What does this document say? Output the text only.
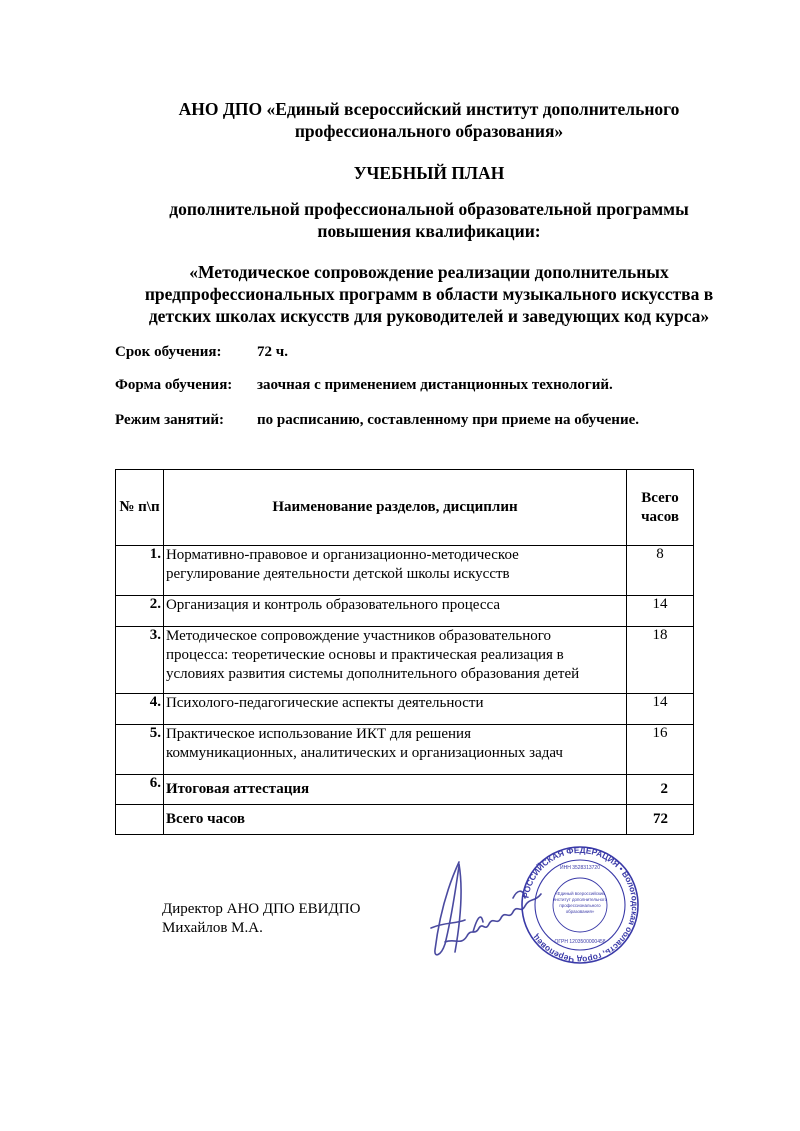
АНО ДПО «Единый всероссийский институт дополнительного
профессионального образования»
УЧЕБНЫЙ ПЛАН
дополнительной профессиональной образовательной программы
повышения квалификации:
«Методическое сопровождение реализации дополнительных
предпрофессиональных программ в области музыкального искусства в
детских школах искусств для руководителей и заведующих код курса»
Срок обучения: 72 ч.
Форма обучения: заочная с применением дистанционных технологий.
Режим занятий: по расписанию, составленному при приеме на обучение.
№ п\п	Наименование разделов, дисциплин	Всего
часов

1.	Нормативно-правовое и организационно-методическое
регулирование деятельности детской школы искусств	8
2.	Организация и контроль образовательного процесса	14
3.	Методическое сопровождение участников образовательного
процесса: теоретические основы и практическая реализация в
условиях развития системы дополнительного образования детей	18
4.	Психолого-педагогические аспекты деятельности	14
5.	Практическое использование ИКТ для решения
коммуникационных, аналитических и организационных задач	16
6.	Итоговая аттестация	2
	Всего часов	72
Директор АНО ДПО ЕВИДПО
Михайлов М.А.
РОССИЙСКАЯ ФЕДЕРАЦИЯ • Вологодская область, город Череповец
ИНН 3528313720
«Единый всероссийский
институт дополнительного
профессионального
образования»
ОГРН 1203500000458
